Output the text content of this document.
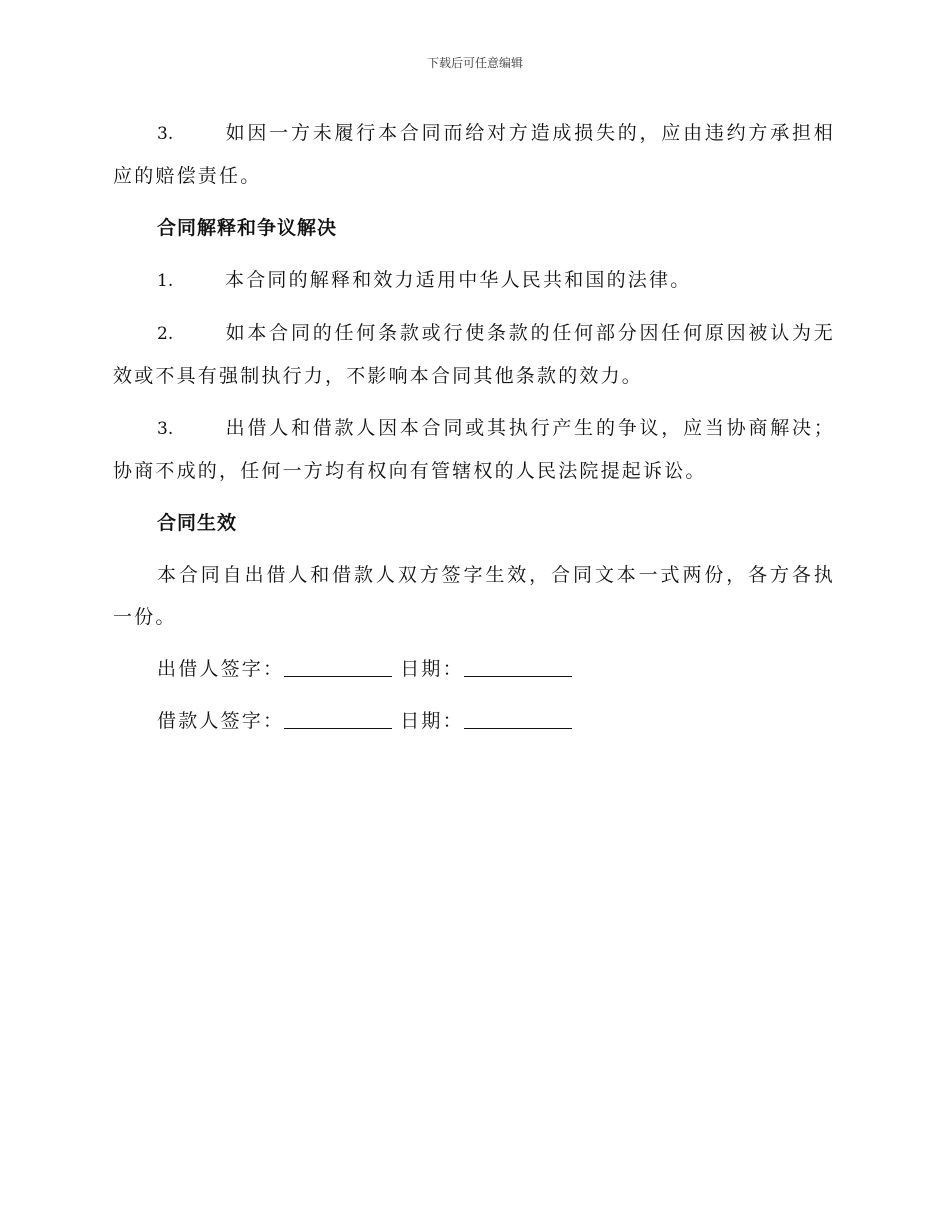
下载后可任意编辑

3.	如因一方未履行本合同而给对方造成损失的，应由违约方承担相应的赔偿责任。

合同解释和争议解决

1.	本合同的解释和效力适用中华人民共和国的法律。

2.	如本合同的任何条款或行使条款的任何部分因任何原因被认为无效或不具有强制执行力，不影响本合同其他条款的效力。

3.	出借人和借款人因本合同或其执行产生的争议，应当协商解决；协商不成的，任何一方均有权向有管辖权的人民法院提起诉讼。

合同生效

本合同自出借人和借款人双方签字生效，合同文本一式两份，各方各执一份。

出借人签字：	日期：
借款人签字：	日期：
